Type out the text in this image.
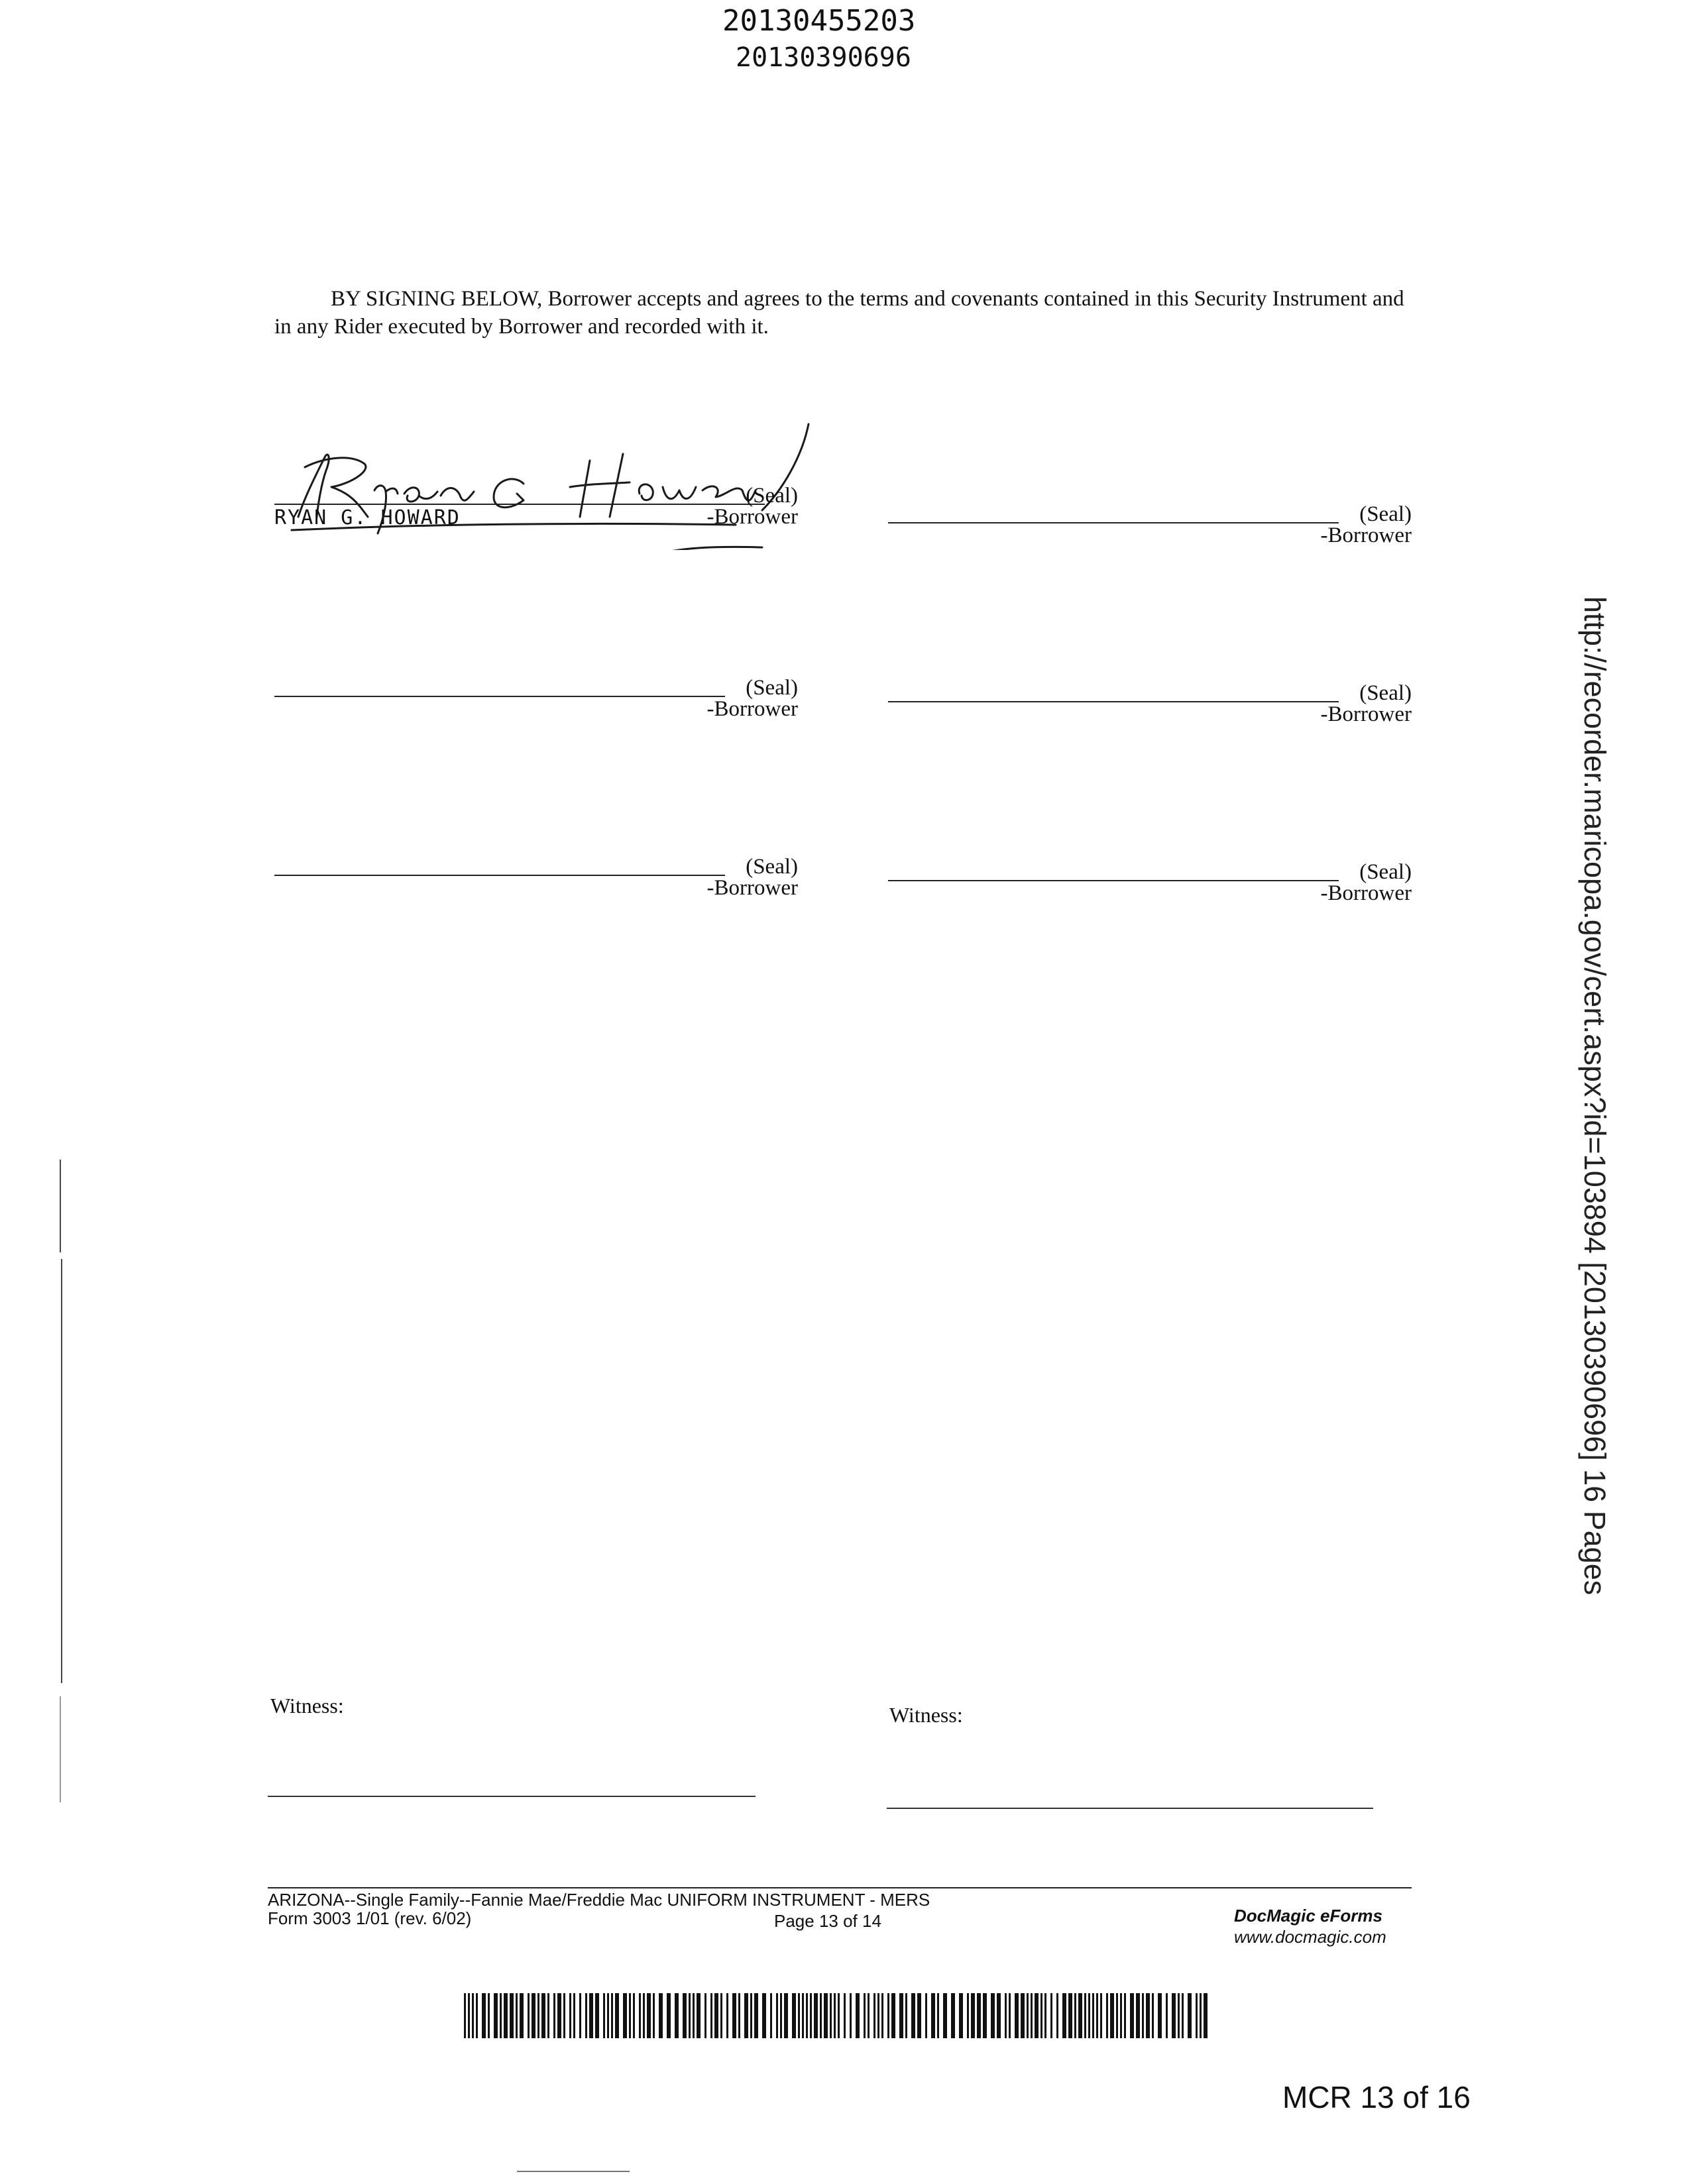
20130455203
20130390696

BY SIGNING BELOW, Borrower accepts and agrees to the terms and covenants contained in this Security Instrument and in any Rider executed by Borrower and recorded with it.

(Seal)
RYAN G. HOWARD	-Borrower	(Seal)
-Borrower
(Seal)
-Borrower
(Seal)
-Borrower
(Seal)
-Borrower
(Seal)
-Borrower
Witness:	Witness:
ARIZONA--Single Family--Fannie Mae/Freddie Mac UNIFORM INSTRUMENT - MERS
Form 3003 1/01 (rev. 6/02)	Page 13 of 14	DocMagic eForms
www.docmagic.com
MCR 13 of 16
http://recorder.maricopa.gov/cert.aspx?id=103894 [20130390696] 16 Pages
